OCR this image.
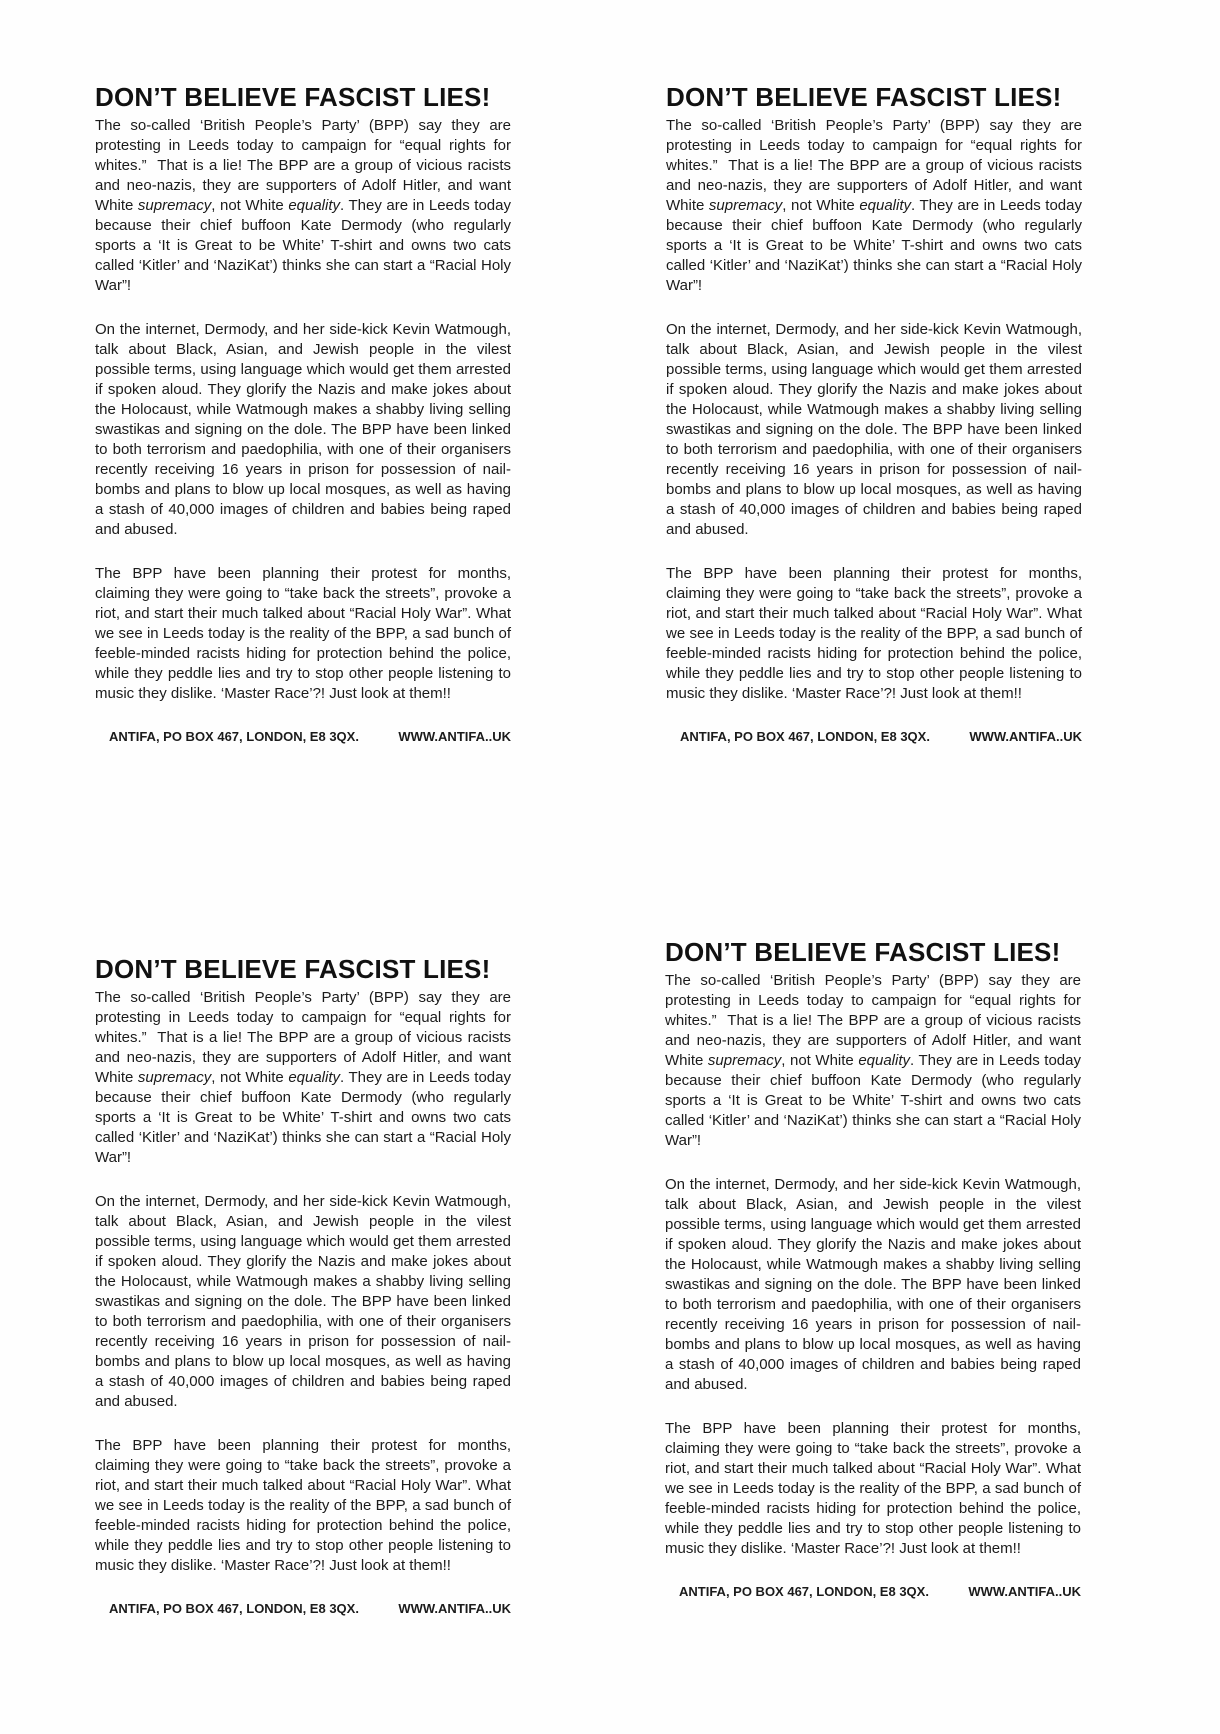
DON’T BELIEVE FASCIST LIES!

The so-called ‘British People’s Party’ (BPP) say they are protesting in Leeds today to campaign for “equal rights for whites.”  That is a lie! The BPP are a group of vicious racists and neo-nazis, they are supporters of Adolf Hitler, and want White supremacy, not White equality. They are in Leeds today because their chief buffoon Kate Dermody (who regularly sports a ‘It is Great to be White’ T-shirt and owns two cats called ‘Kitler’ and ‘NaziKat’) thinks she can start a “Racial Holy War”!

On the internet, Dermody, and her side-kick Kevin Watmough, talk about Black, Asian, and Jewish people in the vilest possible terms, using language which would get them arrested if spoken aloud. They glorify the Nazis and make jokes about the Holocaust, while Watmough makes a shabby living selling swastikas and signing on the dole. The BPP have been linked to both terrorism and paedophilia, with one of their organisers recently receiving 16 years in prison for possession of nail-bombs and plans to blow up local mosques, as well as having a stash of 40,000 images of children and babies being raped and abused.

The BPP have been planning their protest for months, claiming they were going to “take back the streets”, provoke a riot, and start their much talked about “Racial Holy War”. What we see in Leeds today is the reality of the BPP, a sad bunch of feeble-minded racists hiding for protection behind the police, while they peddle lies and try to stop other people listening to music they dislike. ‘Master Race’?! Just look at them!!

ANTIFA, PO BOX 467, LONDON, E8 3QX.	WWW.ANTIFA..UK
DON’T BELIEVE FASCIST LIES!

The so-called ‘British People’s Party’ (BPP) say they are protesting in Leeds today to campaign for “equal rights for whites.”  That is a lie! The BPP are a group of vicious racists and neo-nazis, they are supporters of Adolf Hitler, and want White supremacy, not White equality. They are in Leeds today because their chief buffoon Kate Dermody (who regularly sports a ‘It is Great to be White’ T-shirt and owns two cats called ‘Kitler’ and ‘NaziKat’) thinks she can start a “Racial Holy War”!

On the internet, Dermody, and her side-kick Kevin Watmough, talk about Black, Asian, and Jewish people in the vilest possible terms, using language which would get them arrested if spoken aloud. They glorify the Nazis and make jokes about the Holocaust, while Watmough makes a shabby living selling swastikas and signing on the dole. The BPP have been linked to both terrorism and paedophilia, with one of their organisers recently receiving 16 years in prison for possession of nail-bombs and plans to blow up local mosques, as well as having a stash of 40,000 images of children and babies being raped and abused.

The BPP have been planning their protest for months, claiming they were going to “take back the streets”, provoke a riot, and start their much talked about “Racial Holy War”. What we see in Leeds today is the reality of the BPP, a sad bunch of feeble-minded racists hiding for protection behind the police, while they peddle lies and try to stop other people listening to music they dislike. ‘Master Race’?! Just look at them!!

ANTIFA, PO BOX 467, LONDON, E8 3QX.	WWW.ANTIFA..UK
DON’T BELIEVE FASCIST LIES!

The so-called ‘British People’s Party’ (BPP) say they are protesting in Leeds today to campaign for “equal rights for whites.”  That is a lie! The BPP are a group of vicious racists and neo-nazis, they are supporters of Adolf Hitler, and want White supremacy, not White equality. They are in Leeds today because their chief buffoon Kate Dermody (who regularly sports a ‘It is Great to be White’ T-shirt and owns two cats called ‘Kitler’ and ‘NaziKat’) thinks she can start a “Racial Holy War”!

On the internet, Dermody, and her side-kick Kevin Watmough, talk about Black, Asian, and Jewish people in the vilest possible terms, using language which would get them arrested if spoken aloud. They glorify the Nazis and make jokes about the Holocaust, while Watmough makes a shabby living selling swastikas and signing on the dole. The BPP have been linked to both terrorism and paedophilia, with one of their organisers recently receiving 16 years in prison for possession of nail-bombs and plans to blow up local mosques, as well as having a stash of 40,000 images of children and babies being raped and abused.

The BPP have been planning their protest for months, claiming they were going to “take back the streets”, provoke a riot, and start their much talked about “Racial Holy War”. What we see in Leeds today is the reality of the BPP, a sad bunch of feeble-minded racists hiding for protection behind the police, while they peddle lies and try to stop other people listening to music they dislike. ‘Master Race’?! Just look at them!!

ANTIFA, PO BOX 467, LONDON, E8 3QX.	WWW.ANTIFA..UK
DON’T BELIEVE FASCIST LIES!

The so-called ‘British People’s Party’ (BPP) say they are protesting in Leeds today to campaign for “equal rights for whites.”  That is a lie! The BPP are a group of vicious racists and neo-nazis, they are supporters of Adolf Hitler, and want White supremacy, not White equality. They are in Leeds today because their chief buffoon Kate Dermody (who regularly sports a ‘It is Great to be White’ T-shirt and owns two cats called ‘Kitler’ and ‘NaziKat’) thinks she can start a “Racial Holy War”!

On the internet, Dermody, and her side-kick Kevin Watmough, talk about Black, Asian, and Jewish people in the vilest possible terms, using language which would get them arrested if spoken aloud. They glorify the Nazis and make jokes about the Holocaust, while Watmough makes a shabby living selling swastikas and signing on the dole. The BPP have been linked to both terrorism and paedophilia, with one of their organisers recently receiving 16 years in prison for possession of nail-bombs and plans to blow up local mosques, as well as having a stash of 40,000 images of children and babies being raped and abused.

The BPP have been planning their protest for months, claiming they were going to “take back the streets”, provoke a riot, and start their much talked about “Racial Holy War”. What we see in Leeds today is the reality of the BPP, a sad bunch of feeble-minded racists hiding for protection behind the police, while they peddle lies and try to stop other people listening to music they dislike. ‘Master Race’?! Just look at them!!

ANTIFA, PO BOX 467, LONDON, E8 3QX.	WWW.ANTIFA..UK
